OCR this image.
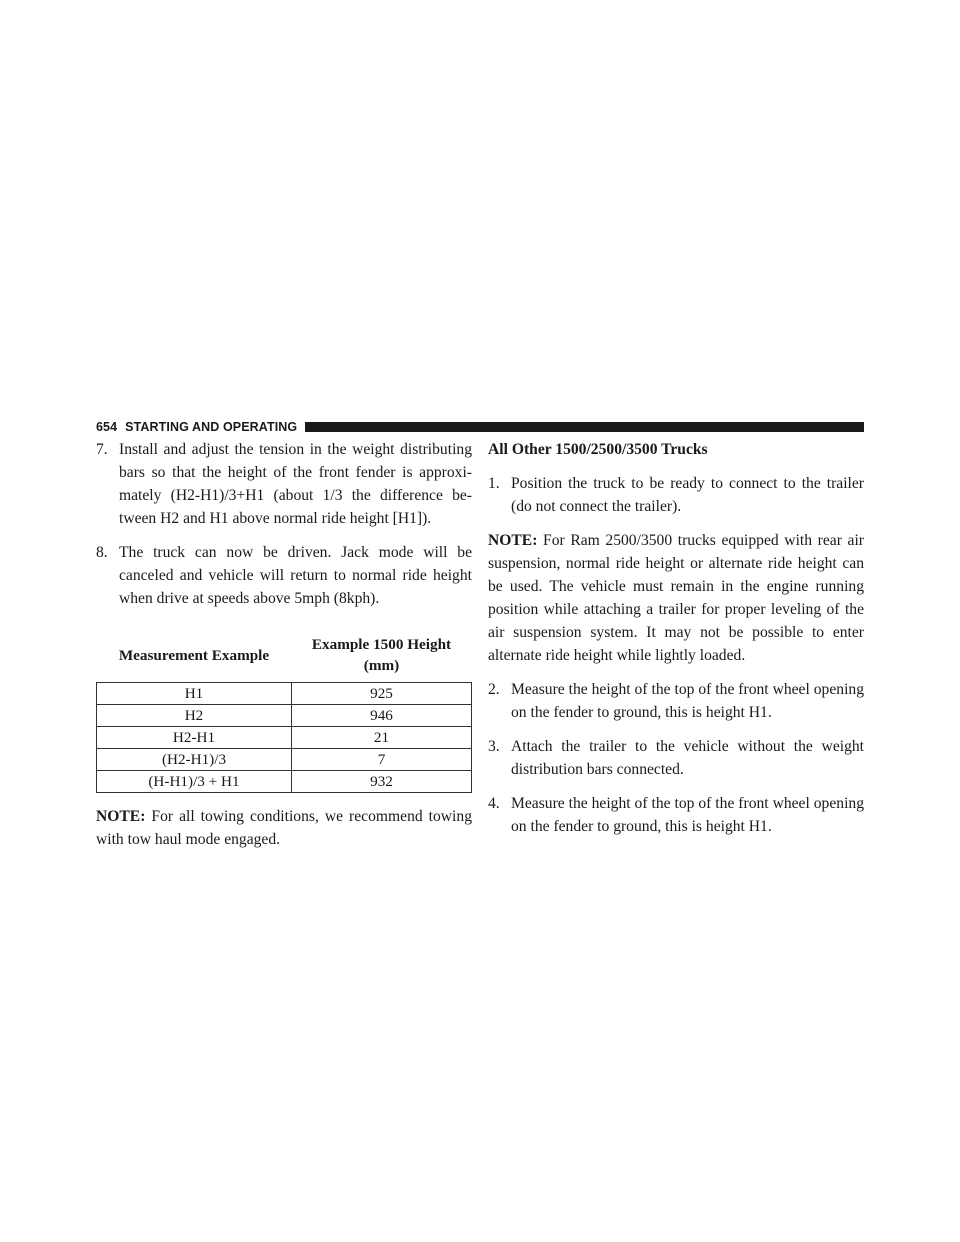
654 STARTING AND OPERATING
7. Install and adjust the tension in the weight distributing bars so that the height of the front fender is approxi-mately (H2-H1)/3+H1 (about 1/3 the difference be-tween H2 and H1 above normal ride height [H1]).
8. The truck can now be driven. Jack mode will be canceled and vehicle will return to normal ride height when drive at speeds above 5mph (8kph).
Measurement Example	Example 1500 Height (mm)
H1	925
H2	946
H2-H1	21
(H2-H1)/3	7
(H-H1)/3 + H1	932

NOTE: For all towing conditions, we recommend towing with tow haul mode engaged.

All Other 1500/2500/3500 Trucks
1. Position the truck to be ready to connect to the trailer (do not connect the trailer).

NOTE: For Ram 2500/3500 trucks equipped with rear air suspension, normal ride height or alternate ride height can be used. The vehicle must remain in the engine running position while attaching a trailer for proper leveling of the air suspension system. It may not be possible to enter alternate ride height while lightly loaded.

2. Measure the height of the top of the front wheel opening on the fender to ground, this is height H1.
3. Attach the trailer to the vehicle without the weight distribution bars connected.
4. Measure the height of the top of the front wheel opening on the fender to ground, this is height H1.
